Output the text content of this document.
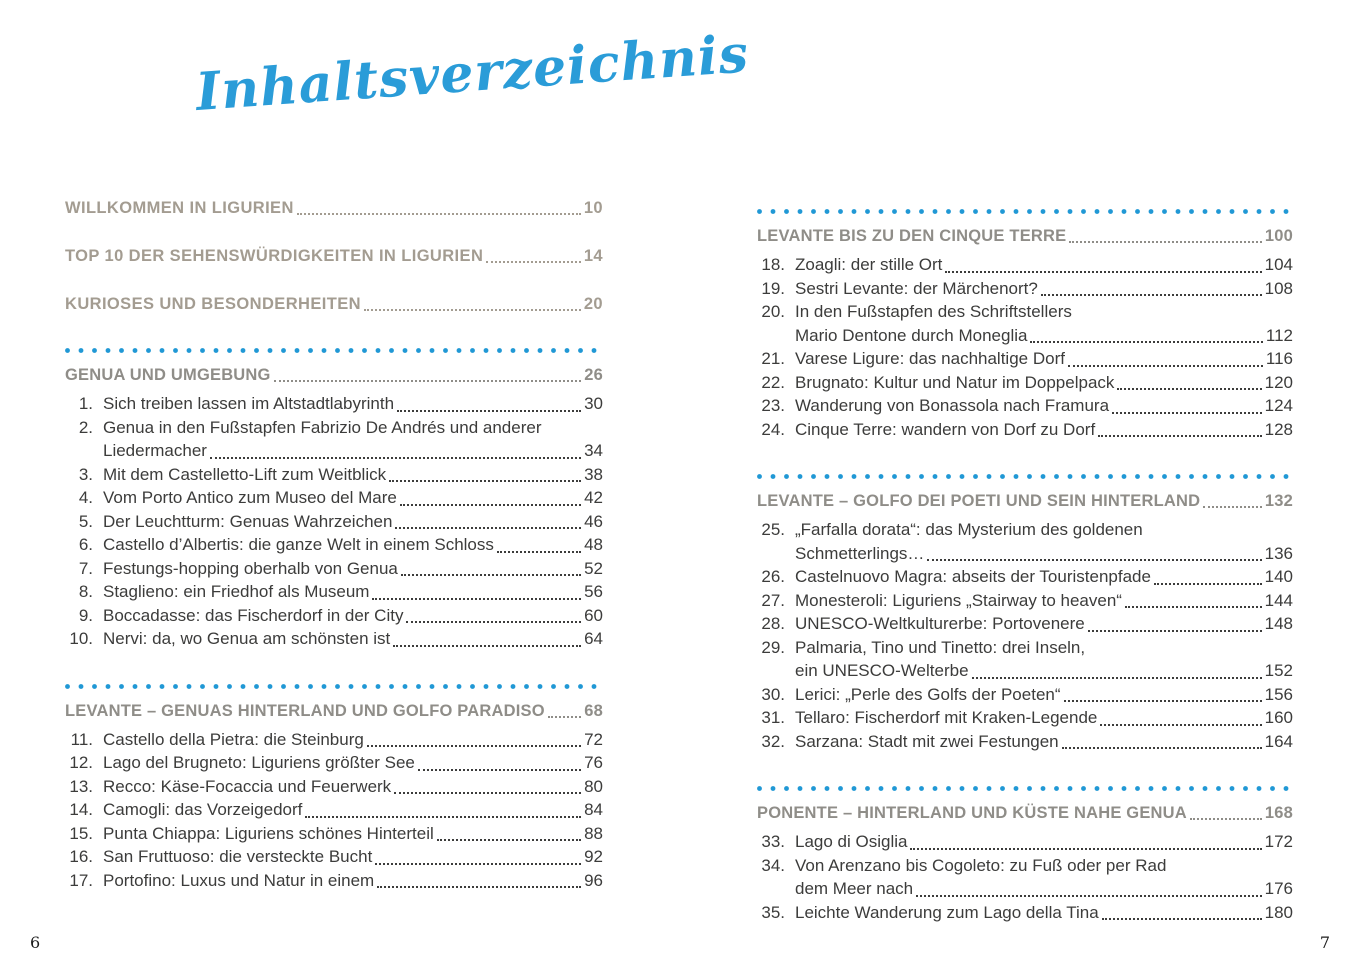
Inhaltsverzeichnis
WILLKOMMEN IN LIGURIEN	10
TOP 10 DER SEHENSWÜRDIGKEITEN IN LIGURIEN	14
KURIOSES UND BESONDERHEITEN	20
GENUA UND UMGEBUNG	26
1. Sich treiben lassen im Altstadtlabyrinth	30
2. Genua in den Fußstapfen Fabrizio De Andrés und anderer
Liedermacher	34
3. Mit dem Castelletto-Lift zum Weitblick	38
4. Vom Porto Antico zum Museo del Mare	42
5. Der Leuchtturm: Genuas Wahrzeichen	46
6. Castello d’Albertis: die ganze Welt in einem Schloss	48
7. Festungs-hopping oberhalb von Genua	52
8. Staglieno: ein Friedhof als Museum	56
9. Boccadasse: das Fischerdorf in der City	60
10. Nervi: da, wo Genua am schönsten ist	64
LEVANTE – GENUAS HINTERLAND UND GOLFO PARADISO 68
11. Castello della Pietra: die Steinburg	72
12. Lago del Brugneto: Liguriens größter See	76
13. Recco: Käse-Focaccia und Feuerwerk	80
14. Camogli: das Vorzeigedorf	84
15. Punta Chiappa: Liguriens schönes Hinterteil	88
16. San Fruttuoso: die versteckte Bucht	92
17. Portofino: Luxus und Natur in einem	96
LEVANTE BIS ZU DEN CINQUE TERRE	100
18. Zoagli: der stille Ort	104
19. Sestri Levante: der Märchenort?	108
20. In den Fußstapfen des Schriftstellers
Mario Dentone durch Moneglia	112
21. Varese Ligure: das nachhaltige Dorf	116
22. Brugnato: Kultur und Natur im Doppelpack	120
23. Wanderung von Bonassola nach Framura	124
24. Cinque Terre: wandern von Dorf zu Dorf	128
LEVANTE – GOLFO DEI POETI UND SEIN HINTERLAND	132
25. „Farfalla dorata“: das Mysterium des goldenen
Schmetterlings…	136
26. Castelnuovo Magra: abseits der Touristenpfade	140
27. Monesteroli: Liguriens „Stairway to heaven“	144
28. UNESCO-Weltkulturerbe: Portovenere	148
29. Palmaria, Tino und Tinetto: drei Inseln,
ein UNESCO-Welterbe	152
30. Lerici: „Perle des Golfs der Poeten“	156
31. Tellaro: Fischerdorf mit Kraken-Legende	160
32. Sarzana: Stadt mit zwei Festungen	164
PONENTE – HINTERLAND UND KÜSTE NAHE GENUA	168
33. Lago di Osiglia	172
34. Von Arenzano bis Cogoleto: zu Fuß oder per Rad
dem Meer nach	176
35. Leichte Wanderung zum Lago della Tina	180
6	7
